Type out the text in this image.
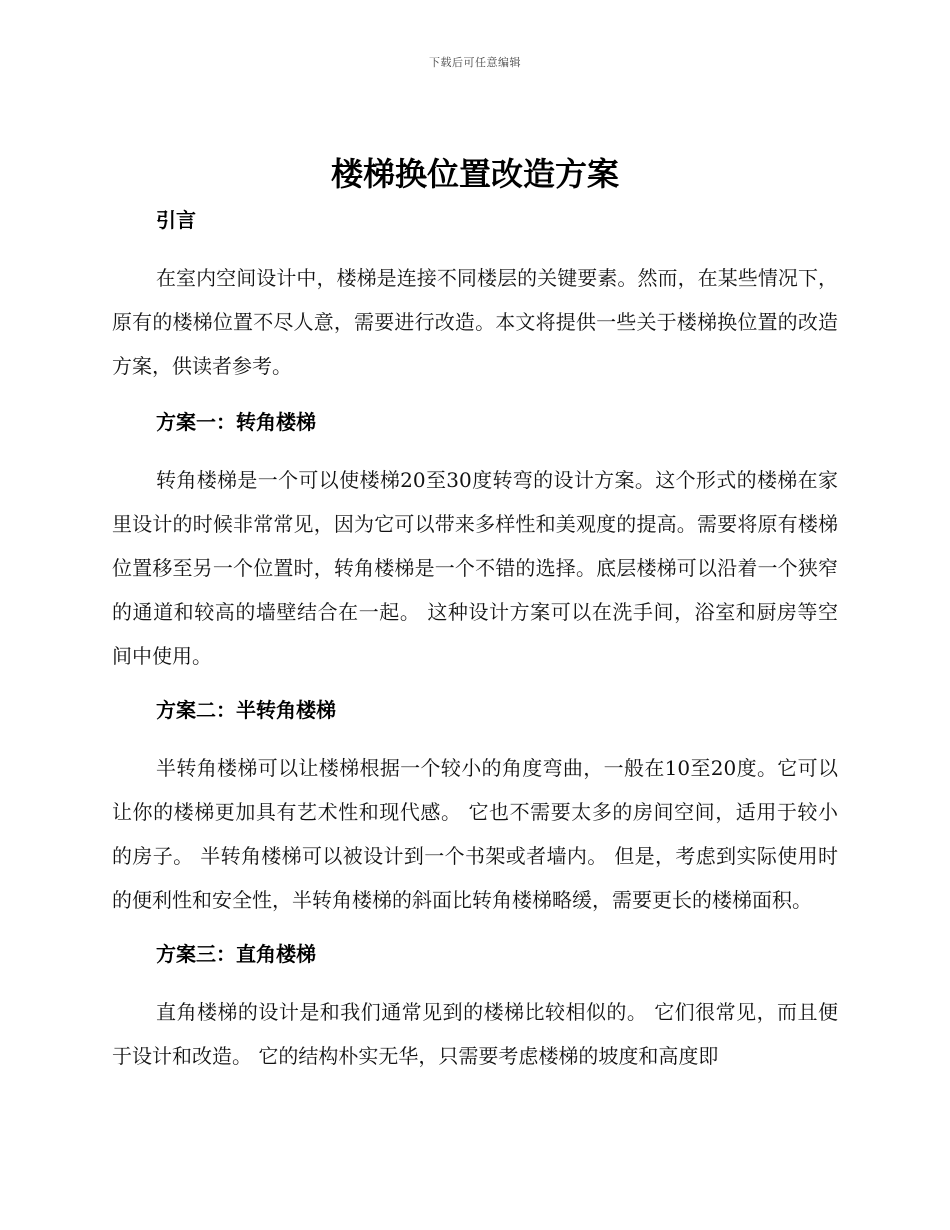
下载后可任意编辑
楼梯换位置改造方案

引言

在室内空间设计中，楼梯是连接不同楼层的关键要素。然而，在某些情况下，原有的楼梯位置不尽人意，需要进行改造。本文将提供一些关于楼梯换位置的改造方案，供读者参考。

方案一：转角楼梯

转角楼梯是一个可以使楼梯20至30度转弯的设计方案。这个形式的楼梯在家里设计的时候非常常见，因为它可以带来多样性和美观度的提高。需要将原有楼梯位置移至另一个位置时，转角楼梯是一个不错的选择。底层楼梯可以沿着一个狭窄的通道和较高的墙壁结合在一起。 这种设计方案可以在洗手间，浴室和厨房等空间中使用。

方案二：半转角楼梯

半转角楼梯可以让楼梯根据一个较小的角度弯曲，一般在10至20度。它可以让你的楼梯更加具有艺术性和现代感。 它也不需要太多的房间空间，适用于较小的房子。 半转角楼梯可以被设计到一个书架或者墙内。 但是，考虑到实际使用时的便利性和安全性，半转角楼梯的斜面比转角楼梯略缓，需要更长的楼梯面积。

方案三：直角楼梯

直角楼梯的设计是和我们通常见到的楼梯比较相似的。 它们很常见，而且便于设计和改造。 它的结构朴实无华，只需要考虑楼梯的坡度和高度即
